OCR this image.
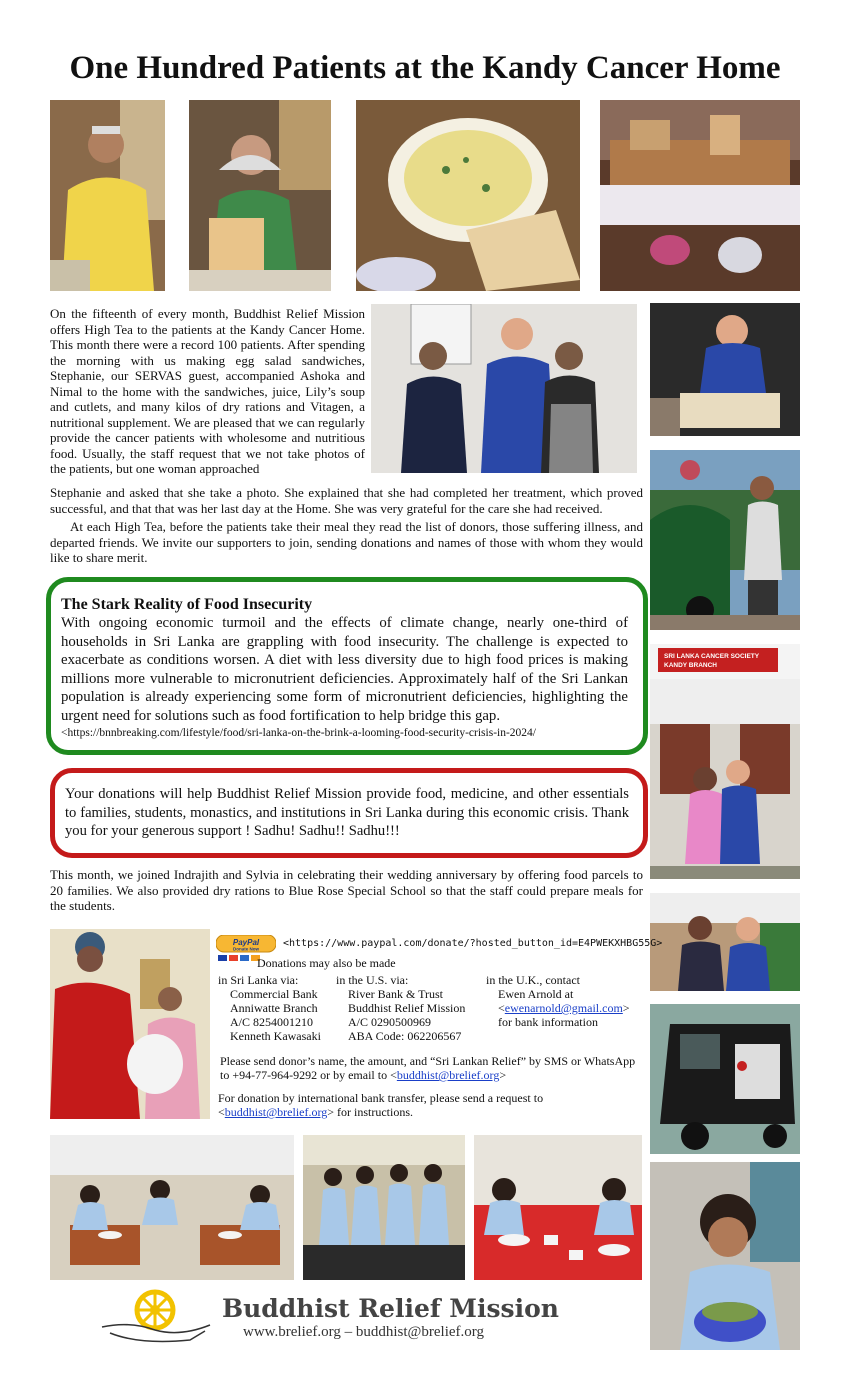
One Hundred Patients at the Kandy Cancer Home
On the fifteenth of every month, Buddhist Relief Mission offers High Tea to the patients at the Kandy Cancer Home. This month there were a record 100 patients. After spending the morning with us making egg salad sandwiches, Stephanie, our SERVAS guest, accompanied Ashoka and Nimal to the home with the sandwiches, juice, Lily’s soup and cutlets, and many kilos of dry rations and Vitagen, a nutritional supplement. We are pleased that we can regularly provide the cancer patients with wholesome and nutritious food. Usually, the staff request that we not take photos of the patients, but one woman approached
Stephanie and asked that she take a photo. She explained that she had completed her treatment, which proved successful, and that that was her last day at the Home. She was very grateful for the care she had received.
At each High Tea, before the patients take their meal they read the list of donors, those suffering illness, and departed friends. We invite our supporters to join, sending donations and names of those with whom they would like to share merit.
SRI LANKA CANCER SOCIETY
KANDY BRANCH
The Stark Reality of Food Insecurity
With ongoing economic turmoil and the effects of climate change, nearly one-third of households in Sri Lanka are grappling with food insecurity. The challenge is expected to exacerbate as conditions worsen. A diet with less diversity due to high food prices is making millions more vulnerable to micronutrient deficiencies. Approximately half of the Sri Lankan population is already experiencing some form of micronutrient deficiencies, highlighting the urgent need for solutions such as food fortification to help bridge this gap.
<https://bnnbreaking.com/lifestyle/food/sri-lanka-on-the-brink-a-looming-food-security-crisis-in-2024/
Your donations will help Buddhist Relief Mission provide food, medicine, and other essentials to families, students, monastics, and institutions in Sri Lanka during this economic crisis. Thank you for your generous support ! Sadhu! Sadhu!! Sadhu!!!
This month, we joined Indrajith and Sylvia in celebrating their wedding anniversary by offering food parcels to 20 families. We also provided dry rations to Blue Rose Special School so that the staff could prepare meals for the students.
PayPal
Donate Now <https://www.paypal.com/donate/?hosted_button_id=E4PWEKXHBG55G>
Donations may also be made
in Sri Lanka via:
Commercial Bank
Anniwatte Branch
A/C 8254001210
Kenneth Kawasaki
in the U.S. via:
River Bank & Trust
Buddhist Relief Mission
A/C 0290500969
ABA Code: 062206567
in the U.K., contact
Ewen Arnold at
<ewenarnold@gmail.com>
for bank information
Please send donor’s name, the amount, and “Sri Lankan Relief” by SMS or WhatsApp to +94-77-964-9292 or by email to <buddhist@brelief.org>
For donation by international bank transfer, please send a request to <buddhist@brelief.org> for instructions.
Buddhist Relief Mission
www.brelief.org – buddhist@brelief.org
